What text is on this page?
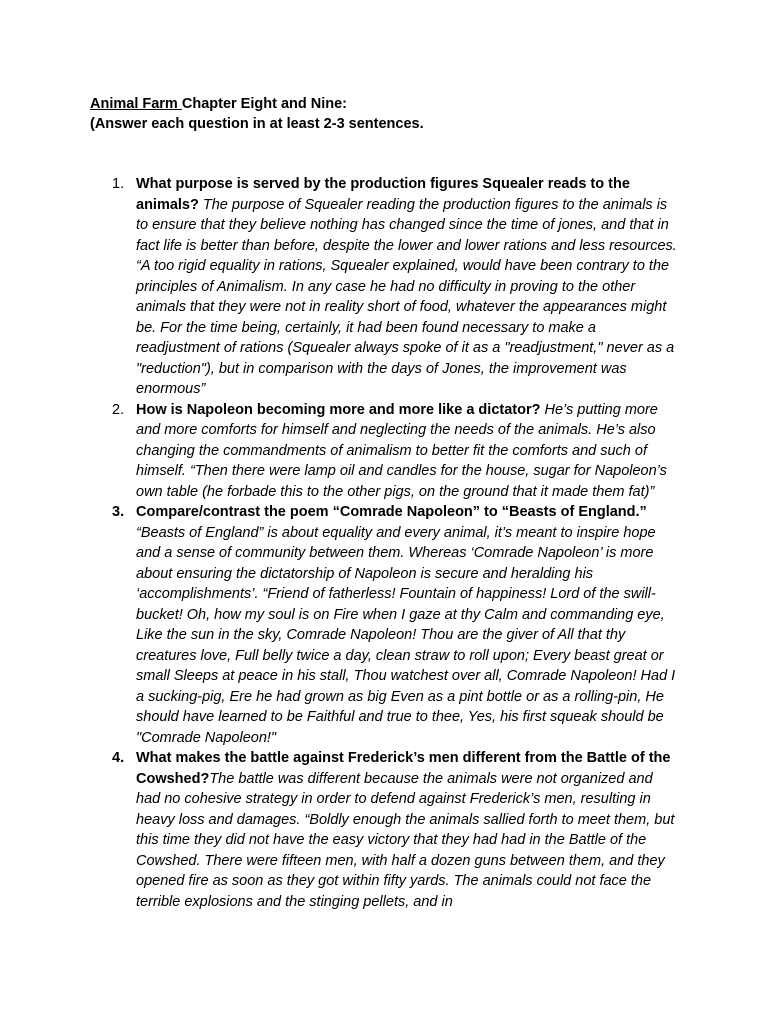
Animal Farm Chapter Eight and Nine:
(Answer each question in at least 2-3 sentences.
1. What purpose is served by the production figures Squealer reads to the animals? The purpose of Squealer reading the production figures to the animals is to ensure that they believe nothing has changed since the time of jones, and that in fact life is better than before, despite the lower and lower rations and less resources. “A too rigid equality in rations, Squealer explained, would have been contrary to the principles of Animalism. In any case he had no difficulty in proving to the other animals that they were not in reality short of food, whatever the appearances might be. For the time being, certainly, it had been found necessary to make a readjustment of rations (Squealer always spoke of it as a "readjustment," never as a "reduction"), but in comparison with the days of Jones, the improvement was enormous”
2. How is Napoleon becoming more and more like a dictator? He’s putting more and more comforts for himself and neglecting the needs of the animals. He’s also changing the commandments of animalism to better fit the comforts and such of himself. “Then there were lamp oil and candles for the house, sugar for Napoleon’s own table (he forbade this to the other pigs, on the ground that it made them fat)”
3. Compare/contrast the poem “Comrade Napoleon” to “Beasts of England.” “Beasts of England” is about equality and every animal, it’s meant to inspire hope and a sense of community between them. Whereas ‘Comrade Napoleon’ is more about ensuring the dictatorship of Napoleon is secure and heralding his ‘accomplishments’. “Friend of fatherless! Fountain of happiness! Lord of the swill-bucket! Oh, how my soul is on Fire when I gaze at thy Calm and commanding eye, Like the sun in the sky, Comrade Napoleon! Thou are the giver of All that thy creatures love, Full belly twice a day, clean straw to roll upon; Every beast great or small Sleeps at peace in his stall, Thou watchest over all, Comrade Napoleon! Had I a sucking-pig, Ere he had grown as big Even as a pint bottle or as a rolling-pin, He should have learned to be Faithful and true to thee, Yes, his first squeak should be "Comrade Napoleon!"
4. What makes the battle against Frederick’s men different from the Battle of the Cowshed?The battle was different because the animals were not organized and had no cohesive strategy in order to defend against Frederick’s men, resulting in heavy loss and damages. “Boldly enough the animals sallied forth to meet them, but this time they did not have the easy victory that they had had in the Battle of the Cowshed. There were fifteen men, with half a dozen guns between them, and they opened fire as soon as they got within fifty yards. The animals could not face the terrible explosions and the stinging pellets, and in
